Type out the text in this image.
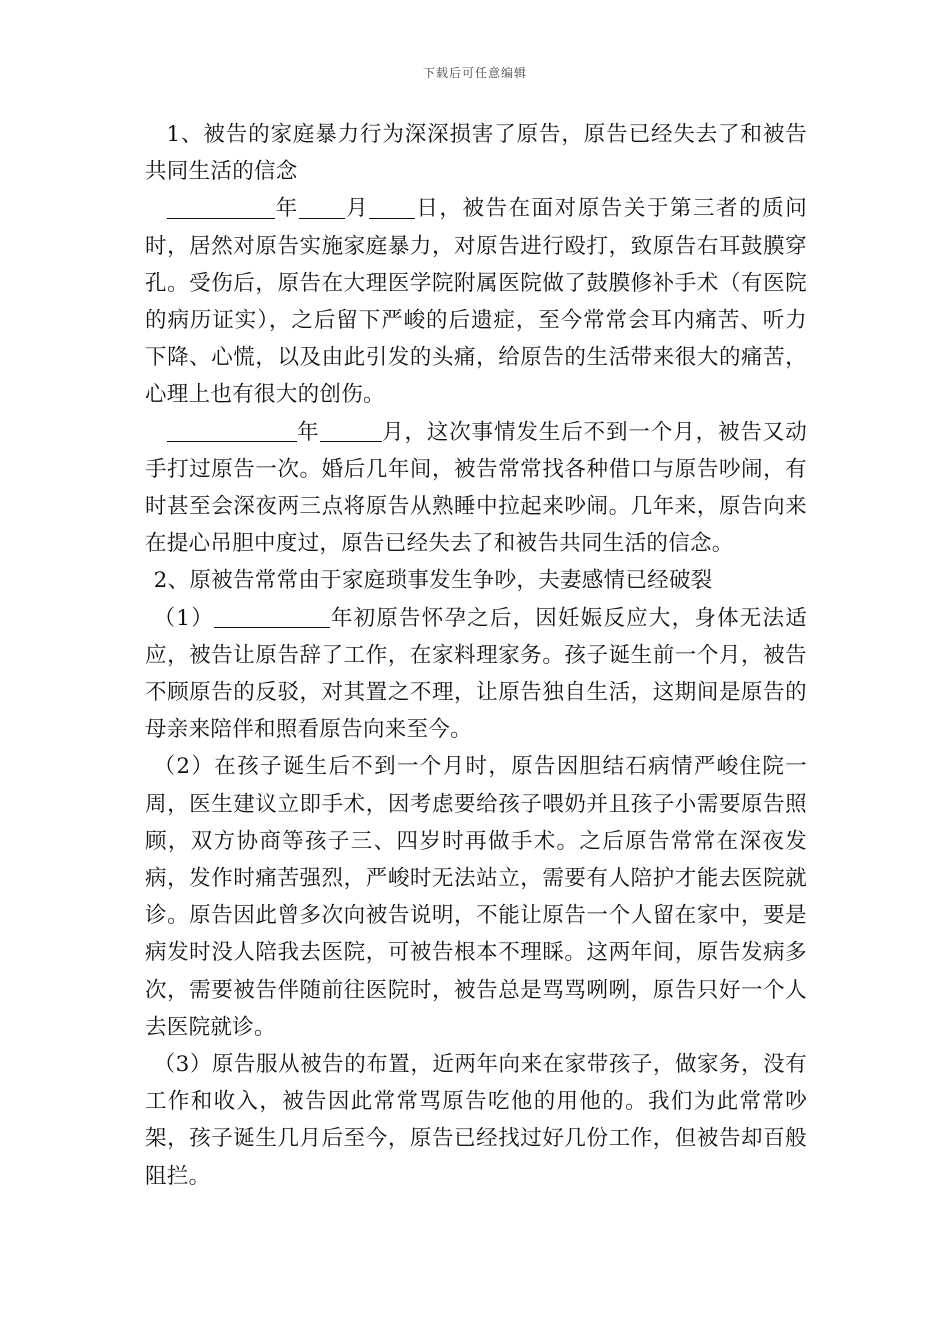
下载后可任意编辑

1、被告的家庭暴力行为深深损害了原告，原告已经失去了和被告共同生活的信念

年 月 日，被告在面对原告关于第三者的质问时，居然对原告实施家庭暴力，对原告进行殴打，致原告右耳鼓膜穿孔。受伤后，原告在大理医学院附属医院做了鼓膜修补手术（有医院的病历证实），之后留下严峻的后遗症，至今常常会耳内痛苦、听力下降、心慌，以及由此引发的头痛，给原告的生活带来很大的痛苦，心理上也有很大的创伤。

年	月，这次事情发生后不到一个月，被告又动手打过原告一次。婚后几年间，被告常常找各种借口与原告吵闹，有时甚至会深夜两三点将原告从熟睡中拉起来吵闹。几年来，原告向来在提心吊胆中度过，原告已经失去了和被告共同生活的信念。

2、原被告常常由于家庭琐事发生争吵，夫妻感情已经破裂

（1）	年初原告怀孕之后，因妊娠反应大，身体无法适应，被告让原告辞了工作，在家料理家务。孩子诞生前一个月，被告不顾原告的反驳，对其置之不理，让原告独自生活，这期间是原告的母亲来陪伴和照看原告向来至今。

（2）在孩子诞生后不到一个月时，原告因胆结石病情严峻住院一周，医生建议立即手术，因考虑要给孩子喂奶并且孩子小需要原告照顾，双方协商等孩子三、四岁时再做手术。之后原告常常在深夜发病，发作时痛苦强烈，严峻时无法站立，需要有人陪护才能去医院就诊。原告因此曾多次向被告说明，不能让原告一个人留在家中，要是病发时没人陪我去医院，可被告根本不理睬。这两年间，原告发病多次，需要被告伴随前往医院时，被告总是骂骂咧咧，原告只好一个人去医院就诊。

（3）原告服从被告的布置，近两年向来在家带孩子，做家务，没有工作和收入，被告因此常常骂原告吃他的用他的。我们为此常常吵架，孩子诞生几月后至今，原告已经找过好几份工作，但被告却百般阻拦。
